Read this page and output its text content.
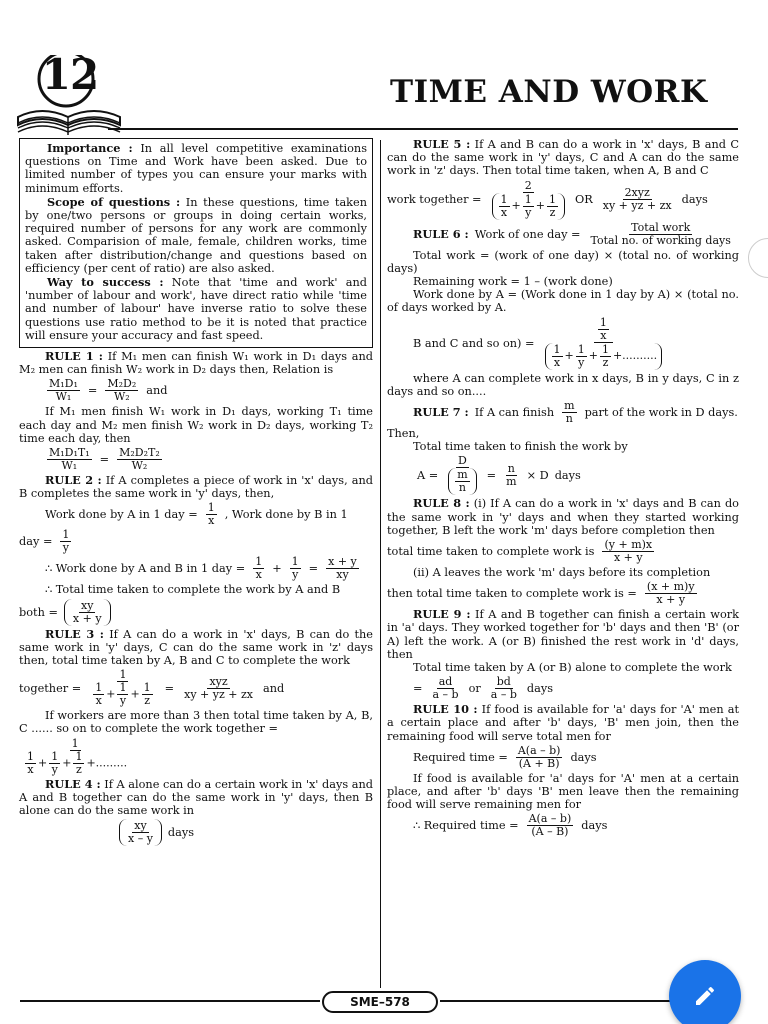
12	TIME AND WORK

Importance : In all level competitive examinations questions on Time and Work have been asked. Due to limited number of types you can ensure your marks with minimum efforts.

Scope of questions : In these questions, time taken by one/two persons or groups in doing certain works, required number of persons for any work are commonly asked. Comparision of male, female, children works, time taken after distribution/change and questions based on efficiency (per cent of ratio) are also asked.

Way to success : Note that 'time and work' and 'number of labour and work', have direct ratio while 'time and number of labour' have inverse ratio to solve these questions use ratio method to be it is noted that practice will ensure your accuracy and fast speed.

RULE 1 : If M₁ men can finish W₁ work in D₁ days and M₂ men can finish W₂ work in D₂ days then, Relation is

$\frac{\text{M₁D₁}}{\text{W₁}} = \frac{\text{M₂D₂}}{\text{W₂}}$ and

If M₁ men finish W₁ work in D₁ days, working T₁ time each day and M₂ men finish W₂ work in D₂ days, working T₂ time each day, then

$\frac{\text{M₁D₁T₁}}{\text{W₁}} = \frac{\text{M₂D₂T₂}}{\text{W₂}}$

RULE 2 : If A completes a piece of work in 'x' days, and B completes the same work in 'y' days, then,

Work done by A in 1 day = $\frac{1}{x}$ , Work done by B in 1
day = $\frac{1}{y}$
∴ Work done by A and B in 1 day = $\frac{1}{x} + \frac{1}{y} = \frac{x + y}{xy}$

∴ Total time taken to complete the work by A and B

both = $\frac{xy}{x + y}$

RULE 3 : If A can do a work in 'x' days, B can do the same work in 'y' days, C can do the same work in 'z' days then, total time taken by A, B and C to complete the work

together = $\frac{1}{\frac{1}{x} + \frac{1}{y} + \frac{1}{z}} = \frac{\text{xyz}}{xy + yz + zx}$ and

If workers are more than 3 then total time taken by A, B, C ...... so on to complete the work together =

$\frac{1}{\frac{1}{x} + \frac{1}{y} + \frac{1}{z} +.........}$

RULE 4 : If A alone can do a certain work in 'x' days and A and B together can do the same work in 'y' days, then B alone can do the same work in

$\frac{xy}{x - y}$ days

RULE 5 : If A and B can do a work in 'x' days, B and C can do the same work in 'y' days, C and A can do the same work in 'z' days. Then total time taken, when A, B and C

work together = $\frac{2}{\frac{1}{x} + \frac{1}{y} + \frac{1}{z}}$ OR $\frac{\text{2xyz}}{xy + yz + zx}$ days
RULE 6 : Work of one day = $\frac{\text{Total work}}{\text{Total no. of working days}}$

Total work = (work of one day) × (total no. of working days)

Remaining work = 1 – (work done)

Work done by A = (Work done in 1 day by A) × (total no. of days worked by A.

B and C and so $on) = \frac{\frac{1}{x}}{\frac{1}{x} + \frac{1}{y} + \frac{1}{z} +..........}$

where A can complete work in x days, B in y days, C in z days and so on....

RULE 7 : If A can finish $\frac{m}{n}$ part of the work in D days.

Then,

Total time taken to finish the work by

$A = \frac{D}{\frac{m}{n}} = \frac{n}{m} \times D$ days

RULE 8 : (i) If A can do a work in 'x' days and B can do the same work in 'y' days and when they started working together, B left the work 'm' days before completion then

total time taken to complete work is $\frac{(y + m)x}{x + y}$

(ii) A leaves the work 'm' days before its completion

then total time taken to complete work is = $\frac{(x + m)y}{x + y}$

RULE 9 : If A and B together can finish a certain work in 'a' days. They worked together for 'b' days and then 'B' (or A) left the work. A (or B) finished the rest work in 'd' days, then

Total time taken by A (or B) alone to complete the work

= $\frac{ad}{a - b}$ or $\frac{bd}{a - b}$ days

RULE 10 : If food is available for 'a' days for 'A' men at a certain place and after 'b' days, 'B' men join, then the remaining food will serve total men for

Required time = $\frac{A(a - b)}{(A + B)}$ days

If food is available for 'a' days for 'A' men at a certain place, and after 'b' days 'B' men leave then the remaining food will serve remaining men for

∴ Required time = $\frac{A(a - b)}{(A - B)}$ days
SME–578
